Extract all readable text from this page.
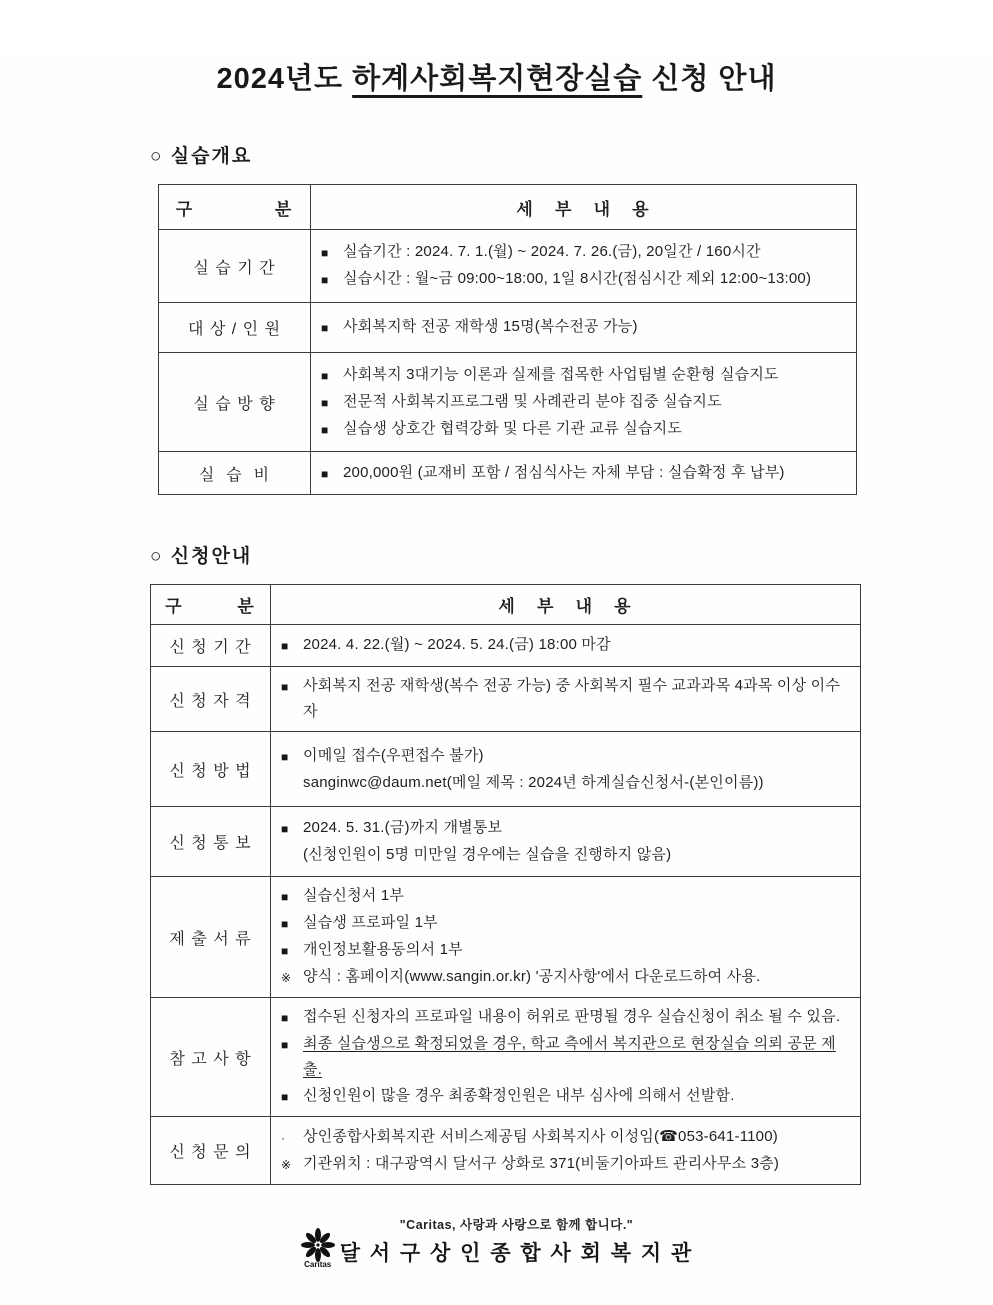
2024년도 하계사회복지현장실습 신청 안내
○ 실습개요
구            분	세   부   내   용
실 습 기 간	■ 실습기간 : 2024. 7. 1.(월) ~ 2024. 7. 26.(금), 20일간 / 160시간
■ 실습시간 : 월~금 09:00~18:00, 1일 8시간(점심시간 제외 12:00~13:00)

대 상 / 인 원	■ 사회복지학 전공 재학생 15명(복수전공 가능)

실 습 방 향	
■ 사회복지 3대기능 이론과 실제를 접목한 사업팀별 순환형 실습지도
■ 전문적 사회복지프로그램 및 사례관리 분야 집중 실습지도
■ 실습생 상호간 협력강화 및 다른 기관 교류 실습지도

실  습  비	■ 200,000원 (교재비 포함 / 점심식사는 자체 부담 : 실습확정 후 납부)
○ 신청안내
구        분	세   부   내   용
신 청 기 간	■ 2024. 4. 22.(월) ~ 2024. 5. 24.(금) 18:00 마감

신 청 자 격	■ 사회복지 전공 재학생(복수 전공 가능) 중 사회복지 필수 교과과목 4과목 이상 이수자

신 청 방 법	■ 이메일 접수(우편접수 불가)
sanginwc@daum.net(메일 제목 : 2024년 하계실습신청서-(본인이름))

신 청 통 보	■ 2024. 5. 31.(금)까지 개별통보
(신청인원이 5명 미만일 경우에는 실습을 진행하지 않음)

제 출 서 류	
■ 실습신청서 1부
■ 실습생 프로파일 1부
■ 개인정보활용동의서 1부
※ 양식 : 홈페이지(www.sangin.or.kr) '공지사항'에서 다운로드하여 사용.

참 고 사 항	
■ 접수된 신청자의 프로파일 내용이 허위로 판명될 경우 실습신청이 취소 될 수 있음.
■ 최종 실습생으로 확정되었을 경우, 학교 측에서 복지관으로 현장실습 의뢰 공문 제출.
■ 신청인원이 많을 경우 최종확정인원은 내부 심사에 의해서 선발함.

신 청 문 의	· 상인종합사회복지관 서비스제공팀 사회복지사 이성임(☎053-641-1100)
※ 기관위치 : 대구광역시 달서구 상화로 371(비둘기아파트 관리사무소 3층)
Caritas
"Caritas, 사랑과 사랑으로 함께 합니다."
달 서 구 상 인 종 합 사 회 복 지 관
